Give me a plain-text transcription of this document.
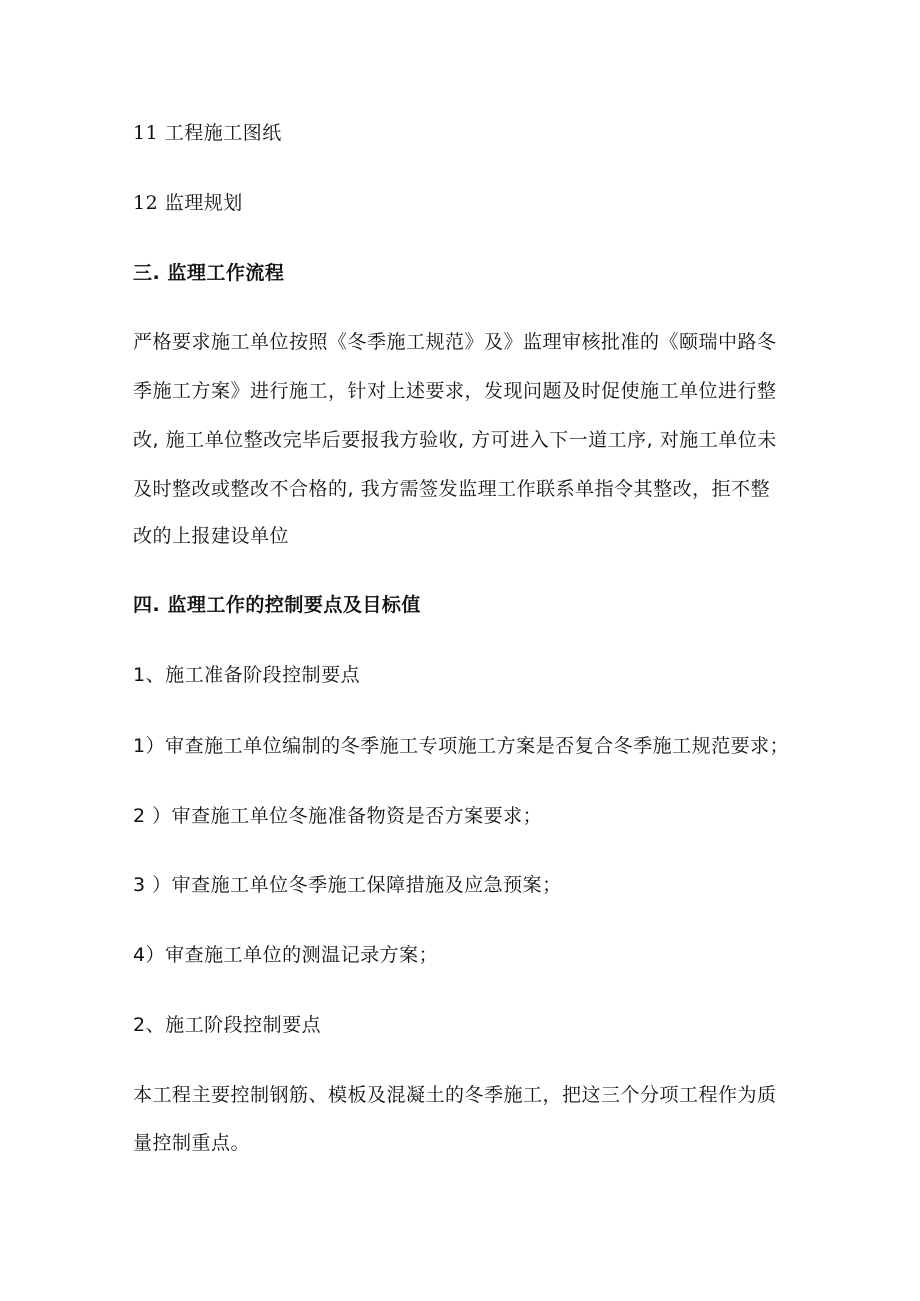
11 工程施工图纸
12 监理规划
三. 监理工作流程
严格要求施工单位按照《冬季施工规范》及》监理审核批准的《颐瑞中路冬
季施工方案》进行施工，针对上述要求，发现问题及时促使施工单位进行整
改, 施工单位整改完毕后要报我方验收, 方可进入下一道工序, 对施工单位未
及时整改或整改不合格的, 我方需签发监理工作联系单指令其整改，拒不整
改的上报建设单位
四. 监理工作的控制要点及目标值
1、施工准备阶段控制要点
1）审查施工单位编制的冬季施工专项施工方案是否复合冬季施工规范要求；
2 ）审查施工单位冬施准备物资是否方案要求；
3 ）审查施工单位冬季施工保障措施及应急预案；
4）审查施工单位的测温记录方案；
2、施工阶段控制要点
本工程主要控制钢筋、模板及混凝土的冬季施工，把这三个分项工程作为质
量控制重点。
